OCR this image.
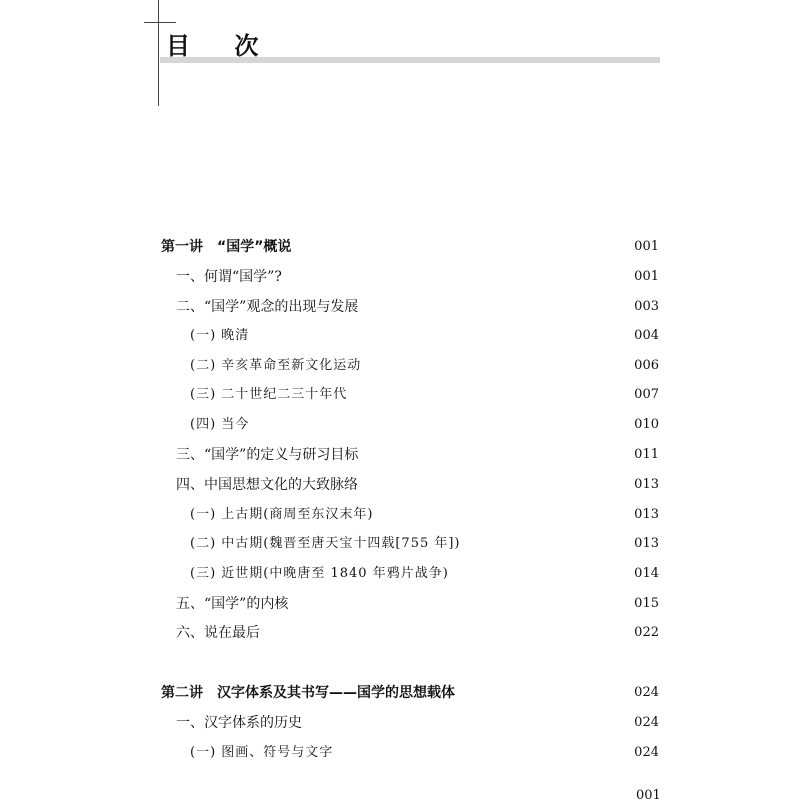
目 次
第一讲　“国学”概说	001
一、何谓“国学”?	001
二、“国学”观念的出现与发展	003
(一) 晚清	004
(二) 辛亥革命至新文化运动	006
(三) 二十世纪二三十年代	007
(四) 当今	010
三、“国学”的定义与研习目标	011
四、中国思想文化的大致脉络	013
(一) 上古期(商周至东汉末年)	013
(二) 中古期(魏晋至唐天宝十四载[755 年])	013
(三) 近世期(中晚唐至 1840 年鸦片战争)	014
五、“国学”的内核	015
六、说在最后	022
第二讲　汉字体系及其书写——国学的思想载体	024
一、汉字体系的历史	024
(一) 图画、符号与文字	024
001
